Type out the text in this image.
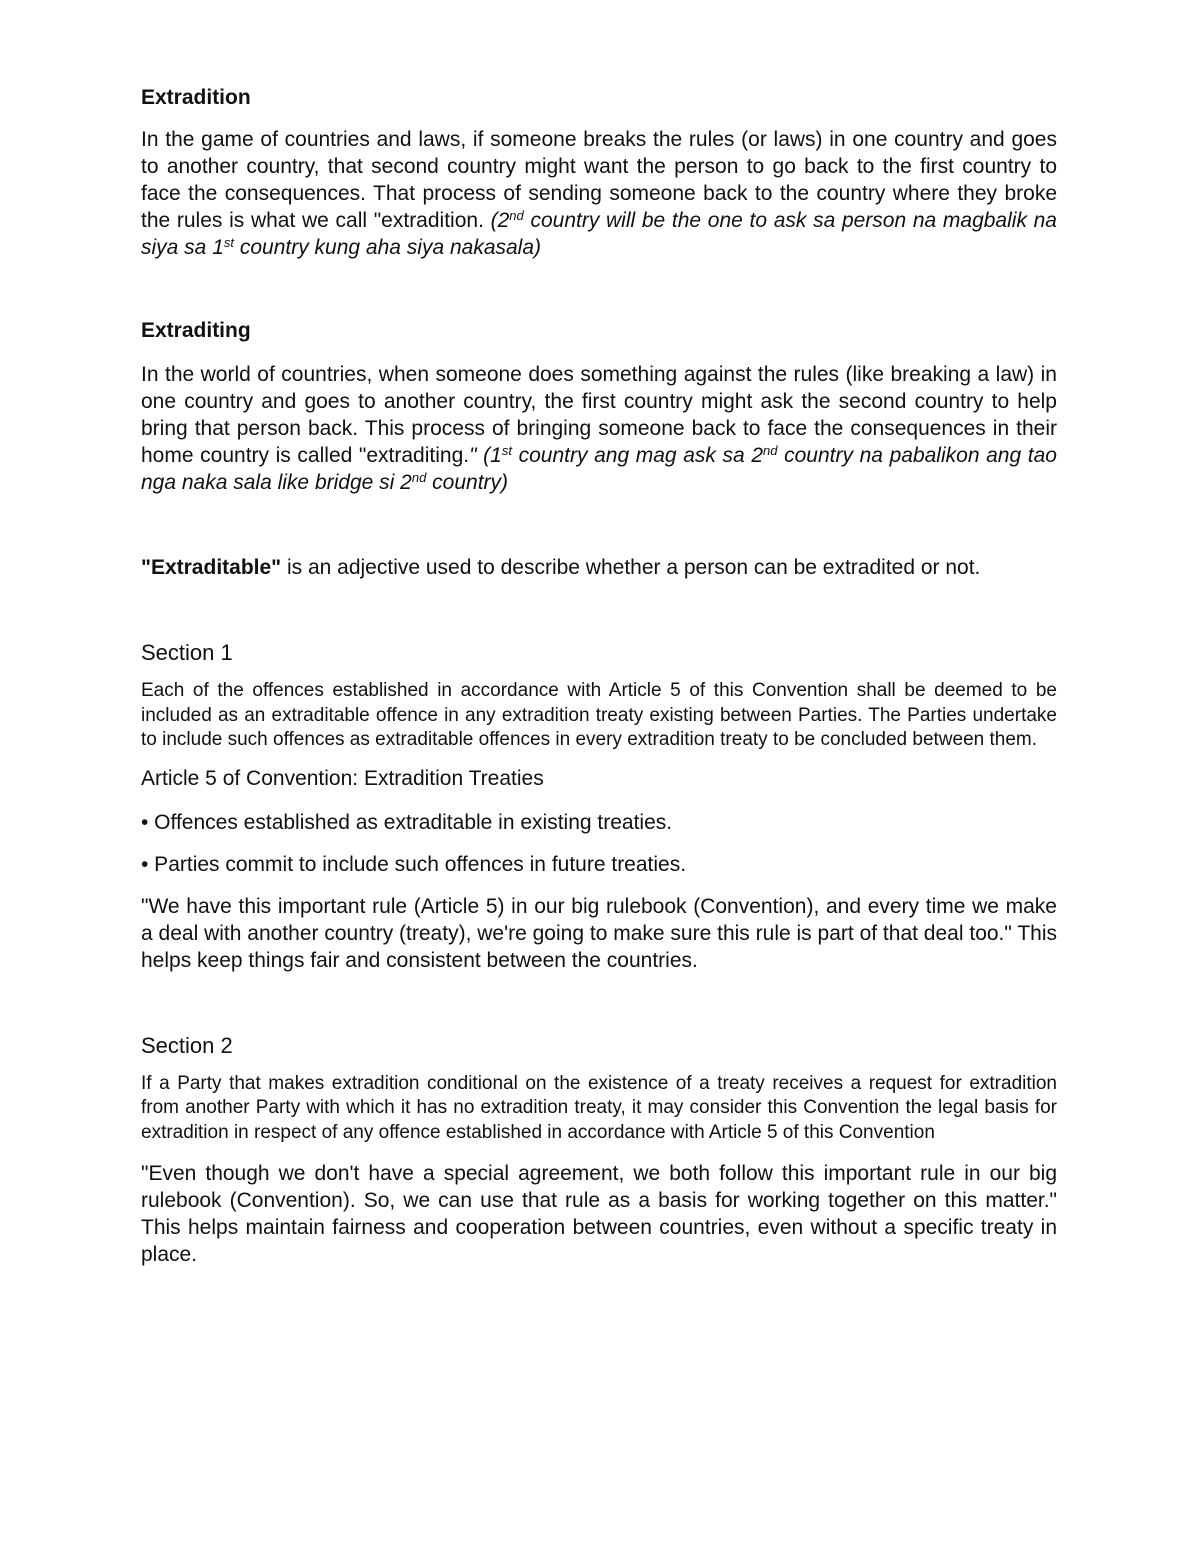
Extradition

In the game of countries and laws, if someone breaks the rules (or laws) in one country and goes to another country, that second country might want the person to go back to the first country to face the consequences. That process of sending someone back to the country where they broke the rules is what we call "extradition. (2nd country will be the one to ask sa person na magbalik na siya sa 1st country kung aha siya nakasala)

Extraditing

In the world of countries, when someone does something against the rules (like breaking a law) in one country and goes to another country, the first country might ask the second country to help bring that person back. This process of bringing someone back to face the consequences in their home country is called "extraditing." (1st country ang mag ask sa 2nd country na pabalikon ang tao nga naka sala like bridge si 2nd country)

"Extraditable" is an adjective used to describe whether a person can be extradited or not.

Section 1

Each of the offences established in accordance with Article 5 of this Convention shall be deemed to be included as an extraditable offence in any extradition treaty existing between Parties. The Parties undertake to include such offences as extraditable offences in every extradition treaty to be concluded between them.

Article 5 of Convention: Extradition Treaties

• Offences established as extraditable in existing treaties.

• Parties commit to include such offences in future treaties.

"We have this important rule (Article 5) in our big rulebook (Convention), and every time we make a deal with another country (treaty), we're going to make sure this rule is part of that deal too." This helps keep things fair and consistent between the countries.

Section 2

If a Party that makes extradition conditional on the existence of a treaty receives a request for extradition from another Party with which it has no extradition treaty, it may consider this Convention the legal basis for extradition in respect of any offence established in accordance with Article 5 of this Convention

"Even though we don't have a special agreement, we both follow this important rule in our big rulebook (Convention). So, we can use that rule as a basis for working together on this matter." This helps maintain fairness and cooperation between countries, even without a specific treaty in place.
